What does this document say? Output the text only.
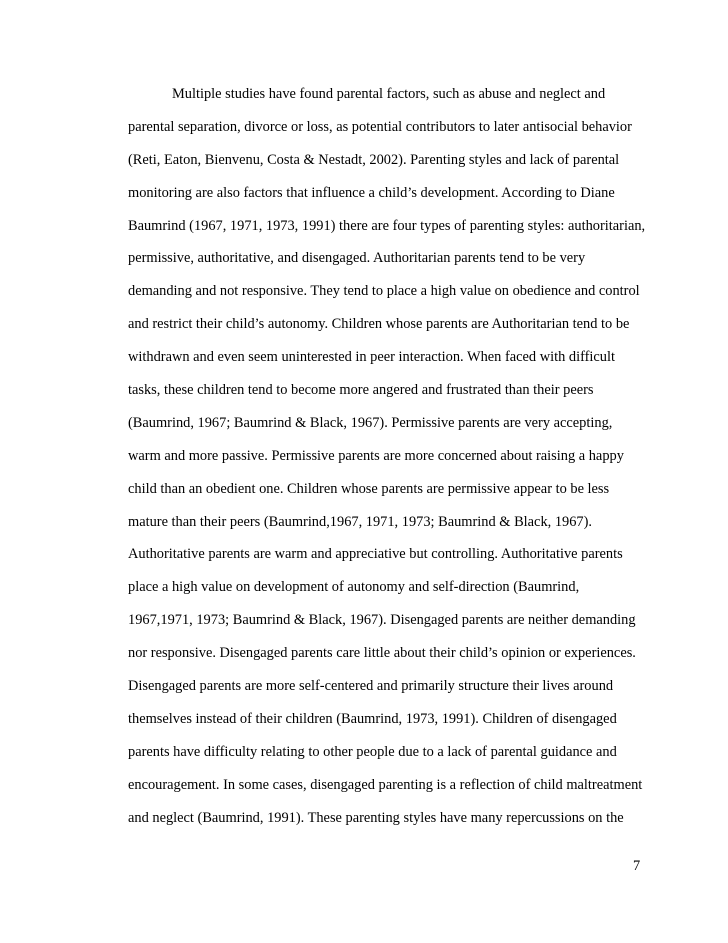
Multiple studies have found parental factors, such as abuse and neglect and
parental separation, divorce or loss, as potential contributors to later antisocial behavior
(Reti, Eaton, Bienvenu, Costa & Nestadt, 2002). Parenting styles and lack of parental
monitoring are also factors that influence a child’s development. According to Diane
Baumrind (1967, 1971, 1973, 1991) there are four types of parenting styles: authoritarian,
permissive, authoritative, and disengaged. Authoritarian parents tend to be very
demanding and not responsive. They tend to place a high value on obedience and control
and restrict their child’s autonomy. Children whose parents are Authoritarian tend to be
withdrawn and even seem uninterested in peer interaction. When faced with difficult
tasks, these children tend to become more angered and frustrated than their peers
(Baumrind, 1967; Baumrind & Black, 1967). Permissive parents are very accepting,
warm and more passive. Permissive parents are more concerned about raising a happy
child than an obedient one. Children whose parents are permissive appear to be less
mature than their peers (Baumrind,1967, 1971, 1973; Baumrind & Black, 1967).
Authoritative parents are warm and appreciative but controlling. Authoritative parents
place a high value on development of autonomy and self-direction (Baumrind,
1967,1971, 1973; Baumrind & Black, 1967). Disengaged parents are neither demanding
nor responsive. Disengaged parents care little about their child’s opinion or experiences.
Disengaged parents are more self-centered and primarily structure their lives around
themselves instead of their children (Baumrind, 1973, 1991). Children of disengaged
parents have difficulty relating to other people due to a lack of parental guidance and
encouragement. In some cases, disengaged parenting is a reflection of child maltreatment
and neglect (Baumrind, 1991). These parenting styles have many repercussions on the
7
